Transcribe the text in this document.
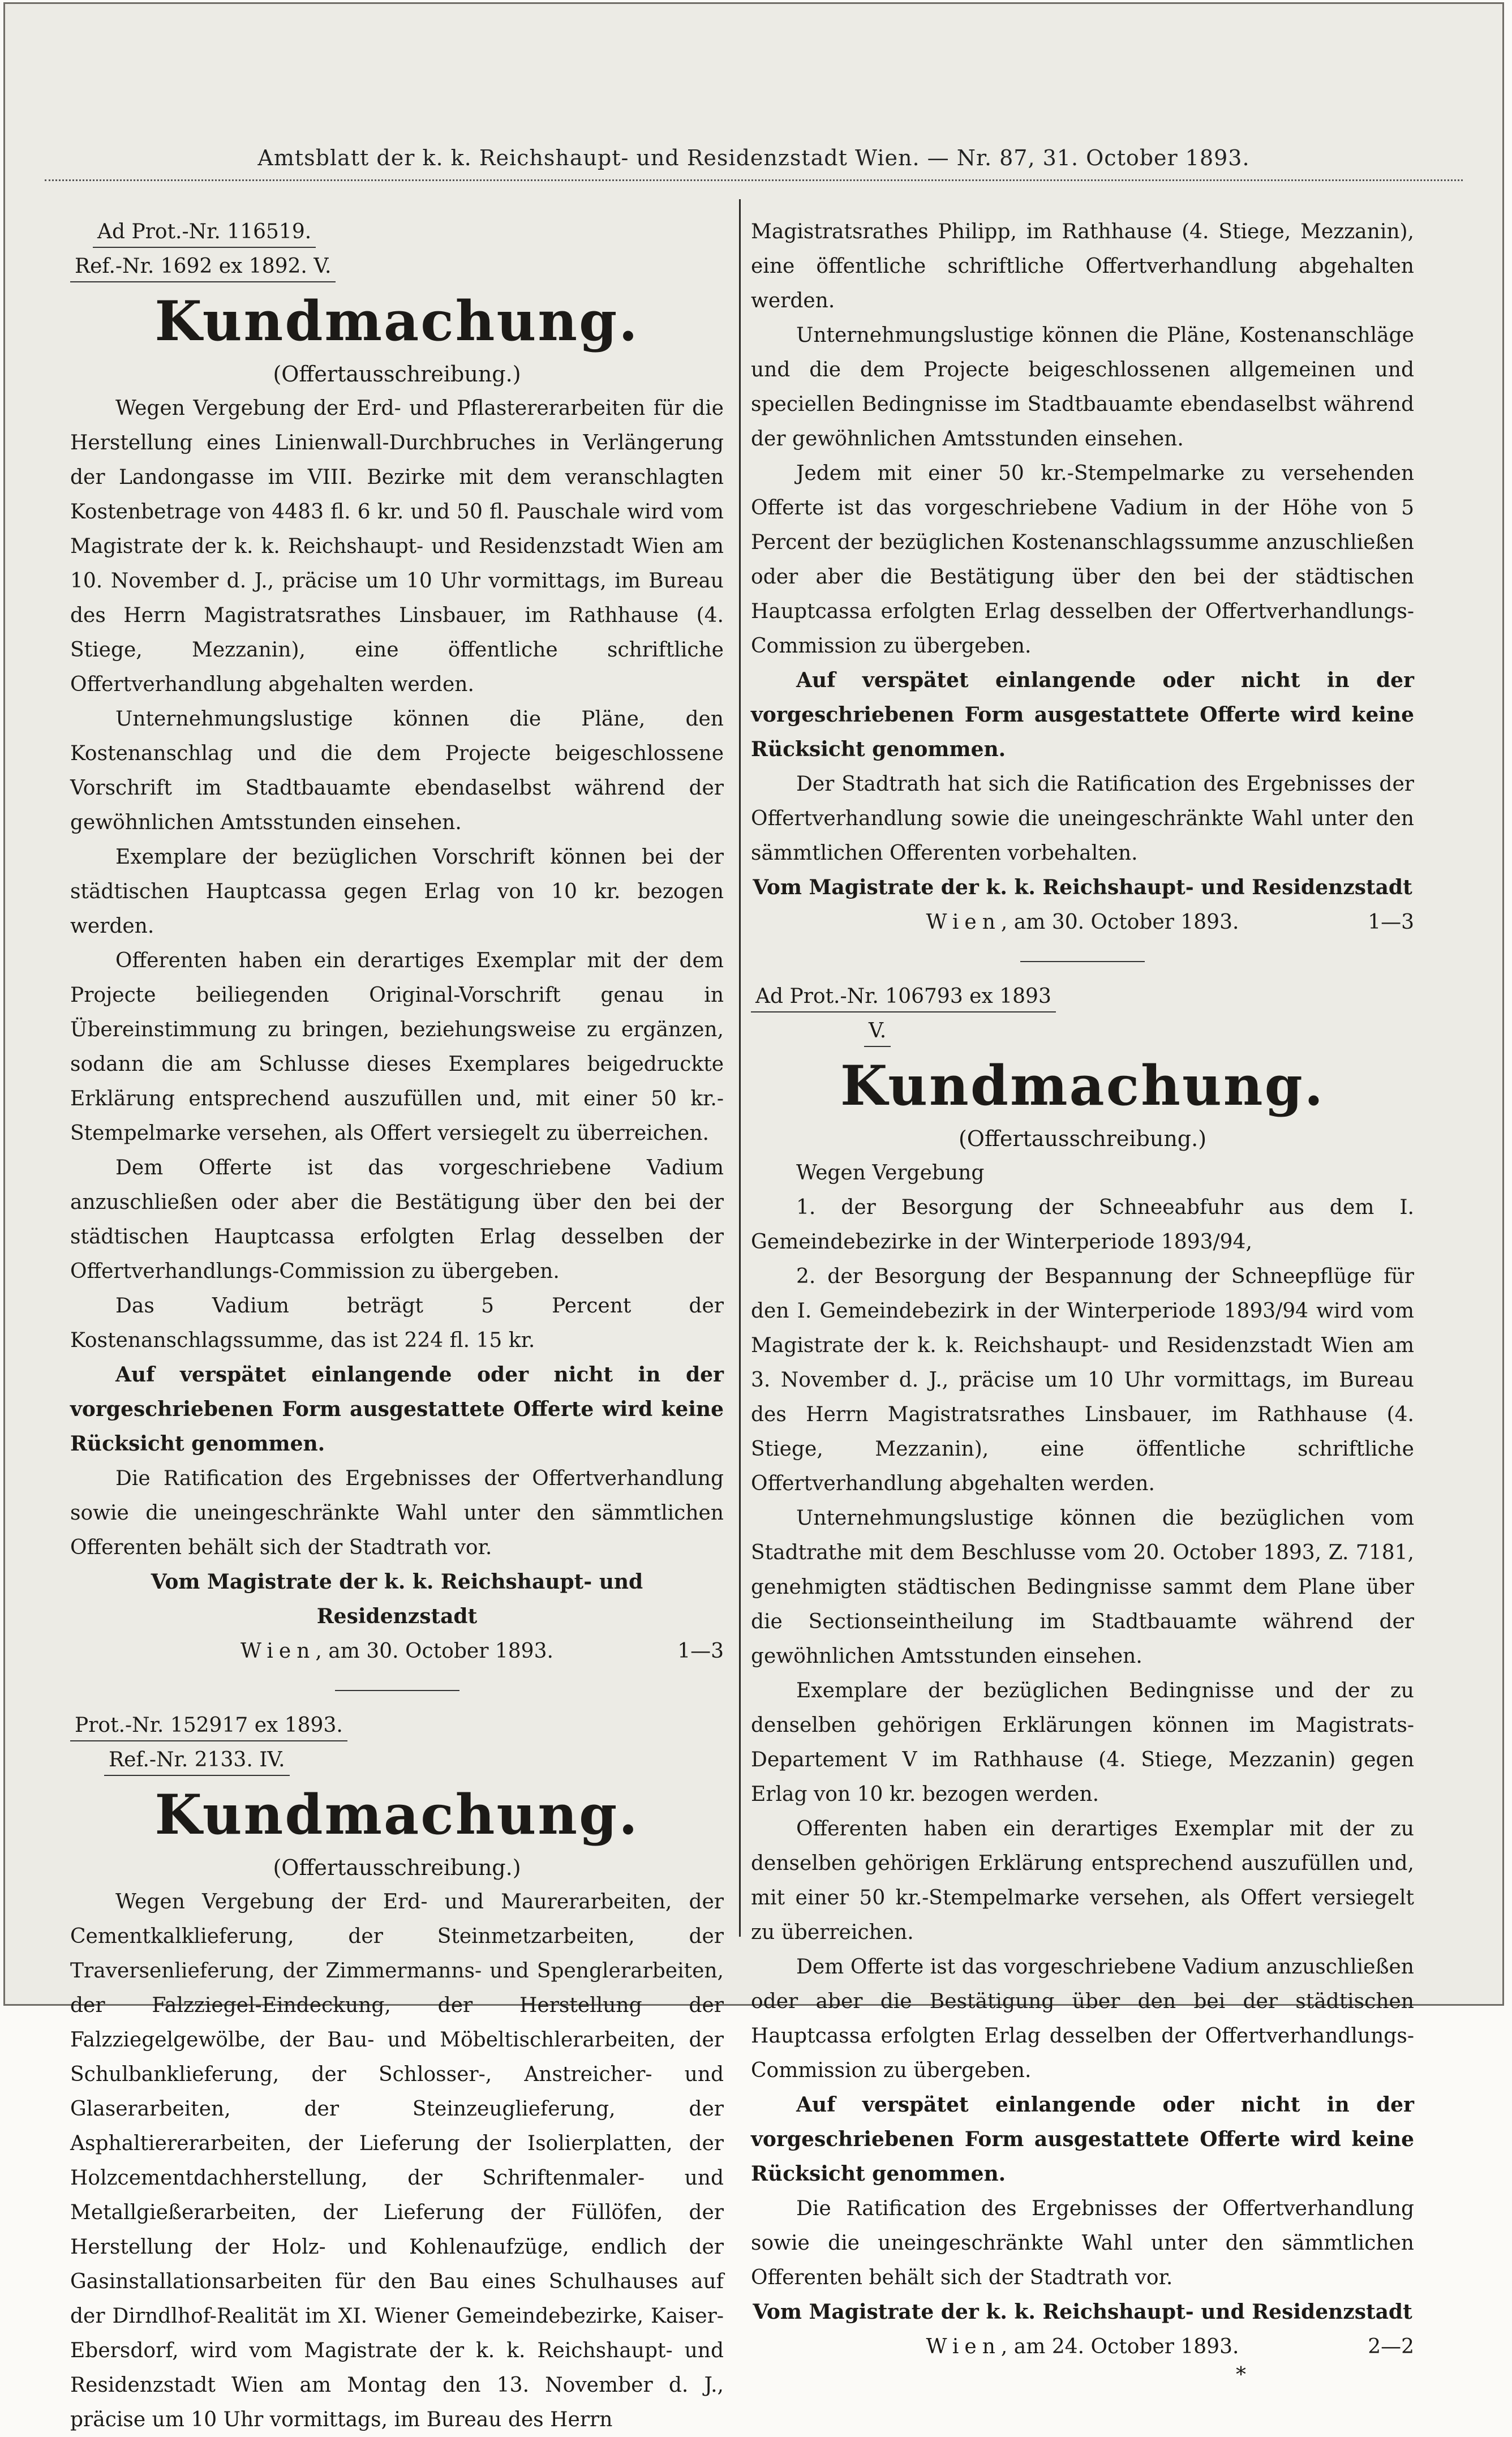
Amtsblatt der k. k. Reichshaupt- und Residenzstadt Wien. — Nr. 87, 31. October 1893.
Ad Prot.-Nr. 116519.
Ref.-Nr. 1692 ex 1892. V.
Kundmachung.
(Offertausschreibung.)

Wegen Vergebung der Erd- und Pflastererarbeiten für die Herstellung eines Linienwall-Durchbruches in Verlängerung der Landongasse im VIII. Bezirke mit dem veranschlagten Kostenbetrage von 4483 fl. 6 kr. und 50 fl. Pauschale wird vom Magistrate der k. k. Reichshaupt- und Residenzstadt Wien am 10. November d. J., präcise um 10 Uhr vormittags, im Bureau des Herrn Magistratsrathes Linsbauer, im Rathhause (4. Stiege, Mezzanin), eine öffentliche schriftliche Offertverhandlung abgehalten werden.

Unternehmungslustige können die Pläne, den Kostenanschlag und die dem Projecte beigeschlossene Vorschrift im Stadtbauamte ebendaselbst während der gewöhnlichen Amtsstunden einsehen.

Exemplare der bezüglichen Vorschrift können bei der städtischen Hauptcassa gegen Erlag von 10 kr. bezogen werden.

Offerenten haben ein derartiges Exemplar mit der dem Projecte beiliegenden Original-Vorschrift genau in Übereinstimmung zu bringen, beziehungsweise zu ergänzen, sodann die am Schlusse dieses Exemplares beigedruckte Erklärung entsprechend auszufüllen und, mit einer 50 kr.-Stempelmarke versehen, als Offert versiegelt zu überreichen.

Dem Offerte ist das vorgeschriebene Vadium anzuschließen oder aber die Bestätigung über den bei der städtischen Hauptcassa erfolgten Erlag desselben der Offertverhandlungs-Commission zu übergeben.

Das Vadium beträgt 5 Percent der Kostenanschlagssumme, das ist 224 fl. 15 kr.

Auf verspätet einlangende oder nicht in der vorgeschriebenen Form ausgestattete Offerte wird keine Rücksicht genommen.

Die Ratification des Ergebnisses der Offertverhandlung sowie die uneingeschränkte Wahl unter den sämmtlichen Offerenten behält sich der Stadtrath vor.

Vom Magistrate der k. k. Reichshaupt- und Residenzstadt

Wien, am 30. October 1893.	1—3

Prot.-Nr. 152917 ex 1893.
Ref.-Nr. 2133. IV.
Kundmachung.
(Offertausschreibung.)

Wegen Vergebung der Erd- und Maurerarbeiten, der Cementkalklieferung, der Steinmetzarbeiten, der Traversenlieferung, der Zimmermanns- und Spenglerarbeiten, der Falzziegel-Eindeckung, der Herstellung der Falzziegelgewölbe, der Bau- und Möbeltischlerarbeiten, der Schulbanklieferung, der Schlosser-, Anstreicher- und Glaserarbeiten, der Steinzeuglieferung, der Asphaltiererarbeiten, der Lieferung der Isolierplatten, der Holzcementdachherstellung, der Schriftenmaler- und Metallgießerarbeiten, der Lieferung der Füllöfen, der Herstellung der Holz- und Kohlenaufzüge, endlich der Gasinstallationsarbeiten für den Bau eines Schulhauses auf der Dirndlhof-Realität im XI. Wiener Gemeindebezirke, Kaiser-Ebersdorf, wird vom Magistrate der k. k. Reichshaupt- und Residenzstadt Wien am Montag den 13. November d. J., präcise um 10 Uhr vormittags, im Bureau des Herrn

Magistratsrathes Philipp, im Rathhause (4. Stiege, Mezzanin), eine öffentliche schriftliche Offertverhandlung abgehalten werden.

Unternehmungslustige können die Pläne, Kostenanschläge und die dem Projecte beigeschlossenen allgemeinen und speciellen Bedingnisse im Stadtbauamte ebendaselbst während der gewöhnlichen Amtsstunden einsehen.

Jedem mit einer 50 kr.-Stempelmarke zu versehenden Offerte ist das vorgeschriebene Vadium in der Höhe von 5 Percent der bezüglichen Kostenanschlagssumme anzuschließen oder aber die Bestätigung über den bei der städtischen Hauptcassa erfolgten Erlag desselben der Offertverhandlungs-Commission zu übergeben.

Auf verspätet einlangende oder nicht in der vorgeschriebenen Form ausgestattete Offerte wird keine Rücksicht genommen.

Der Stadtrath hat sich die Ratification des Ergebnisses der Offertverhandlung sowie die uneingeschränkte Wahl unter den sämmtlichen Offerenten vorbehalten.

Vom Magistrate der k. k. Reichshaupt- und Residenzstadt

Wien, am 30. October 1893.	1—3

Ad Prot.-Nr. 106793 ex 1893
V.
Kundmachung.
(Offertausschreibung.)

Wegen Vergebung

1. der Besorgung der Schneeabfuhr aus dem I. Gemeindebezirke in der Winterperiode 1893/94,

2. der Besorgung der Bespannung der Schneepflüge für den I. Gemeindebezirk in der Winterperiode 1893/94 wird vom Magistrate der k. k. Reichshaupt- und Residenzstadt Wien am 3. November d. J., präcise um 10 Uhr vormittags, im Bureau des Herrn Magistratsrathes Linsbauer, im Rathhause (4. Stiege, Mezzanin), eine öffentliche schriftliche Offertverhandlung abgehalten werden.

Unternehmungslustige können die bezüglichen vom Stadtrathe mit dem Beschlusse vom 20. October 1893, Z. 7181, genehmigten städtischen Bedingnisse sammt dem Plane über die Sectionseintheilung im Stadtbauamte während der gewöhnlichen Amtsstunden einsehen.

Exemplare der bezüglichen Bedingnisse und der zu denselben gehörigen Erklärungen können im Magistrats-Departement V im Rathhause (4. Stiege, Mezzanin) gegen Erlag von 10 kr. bezogen werden.

Offerenten haben ein derartiges Exemplar mit der zu denselben gehörigen Erklärung entsprechend auszufüllen und, mit einer 50 kr.-Stempelmarke versehen, als Offert versiegelt zu überreichen.

Dem Offerte ist das vorgeschriebene Vadium anzuschließen oder aber die Bestätigung über den bei der städtischen Hauptcassa erfolgten Erlag desselben der Offertverhandlungs-Commission zu übergeben.

Auf verspätet einlangende oder nicht in der vorgeschriebenen Form ausgestattete Offerte wird keine Rücksicht genommen.

Die Ratification des Ergebnisses der Offertverhandlung sowie die uneingeschränkte Wahl unter den sämmtlichen Offerenten behält sich der Stadtrath vor.

Vom Magistrate der k. k. Reichshaupt- und Residenzstadt

Wien, am 24. October 1893.	2—2

*
